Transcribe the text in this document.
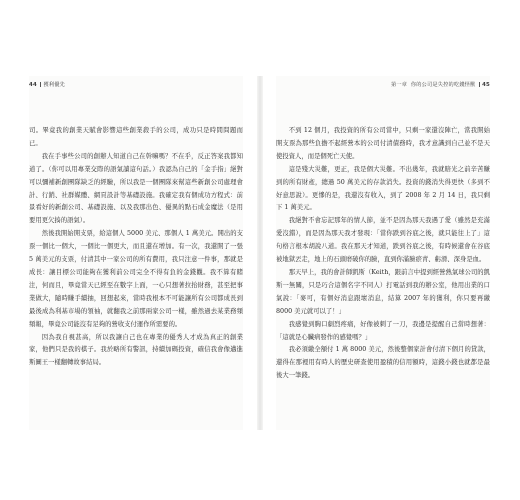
44 獲利優先

司。畢竟我的創業天賦會影響這些創業殺手的公司，成功只是時間問題而已。

我在手事些公司的創辦人知道自己在幹嘛嗎？不在乎，反正答案我都知道了。（你可以用專業交際的語氣讀這句話。）我認為自己的「金手指」絕對可以彌補新創團隊缺乏的經驗，所以我是一個團隊來幫這些新創公司處理會計、行銷、社群媒體、網頁設計等基礎設施。我確定我有個成功方程式：前景看好的新創公司、基礎設施、以及我那出色、優異的點石成金魔法（是用要用更欠揍的語氣）。

然後我開始開支票，給這個人 5000 美元、那個人 1 萬美元。開出的支票一個比一個大，一個比一個更大，而且還在增加。有一次，我還開了一張 5 萬美元的支票，付清其中一家公司的所有費用，我只注意一件事，那就是成長：讓目標公司能夠在獲利前公司完全不得有負的金錢觀。我不算有賭注，何而且，畢竟當天已經至在數字上面，一心只想著拉抬財務，甚至把事業做大，隨時賺手續抽，回想起來，當時我根本不可能讓所有公司都成長到最後成為利基市場的領袖，就翻我之前那兩家公司一樣，雖然過去某業務頻頻報，畢竟公司能沒有足夠的營收支付運作所需要的。

因為我自視甚高，所以我讓自己也在專業的優秀人才成為真正的創業家，他們只是我的棋子。我於略所有警訊，持續加碼投資，確信我會像邁進斯圖王一樣翻轉故事結局。

第一章 你的公司是失控的吃錢怪獸 45

不到 12 個月，我投資的所有公司當中，只剩一家還沒陣亡，當我開始開支票為那些負擔不起經營本的公司付清債務時，我才意識到自己並不是天使投資人，而是個死亡天使。

這是殘大災難，更正，我是個大災難。不出幾年，我就賠光之前辛苦賺到的所有財產，總過 50 萬美元的存款消失。投資的錢消失得更快（多到不好意思說）。更慘的是，我還沒有收入，到了 2008 年 2 月 14 日，我只剩下 1 萬美元。

我絕對不會忘記那年的情人節，並不是因為那天我遇了愛（雖然是充滿愛沒錯），而是因為那天我才發現：「當你跌到谷底之後，就只能往上了」這句格言根本胡說八道。我在那天才知道，跌到谷底之後，有時候還會在谷底被地獄丟走，地上的石頭磨破你的臉，直到你滿臉瘀青、虧滑、深身是血。

那天早上，我的會計師凱斯（Keith，跟前言中提到經營熱氣球公司的凱斯一無關，只是巧合這個名字不同人）打電話到我的辦公室，他用出業的口氣說：「麥可，有個好消息跟壞消息，結算 2007 年的獲利，你只要再繳 8000 美元就可以了！」

我感覺到胸口劇烈疼痛，好像被刺了一刀，我邊是提醒自己當時想著：「這就是心臟病發作的感覺嗎？」

我必須繳全額付 1 萬 8000 美元，然後整個家計會付清下個月的貸款，還得在那裡用有時人的歷史研查使用盈積的信用額時，這錢小錢也就都是最後大一筆錢。
